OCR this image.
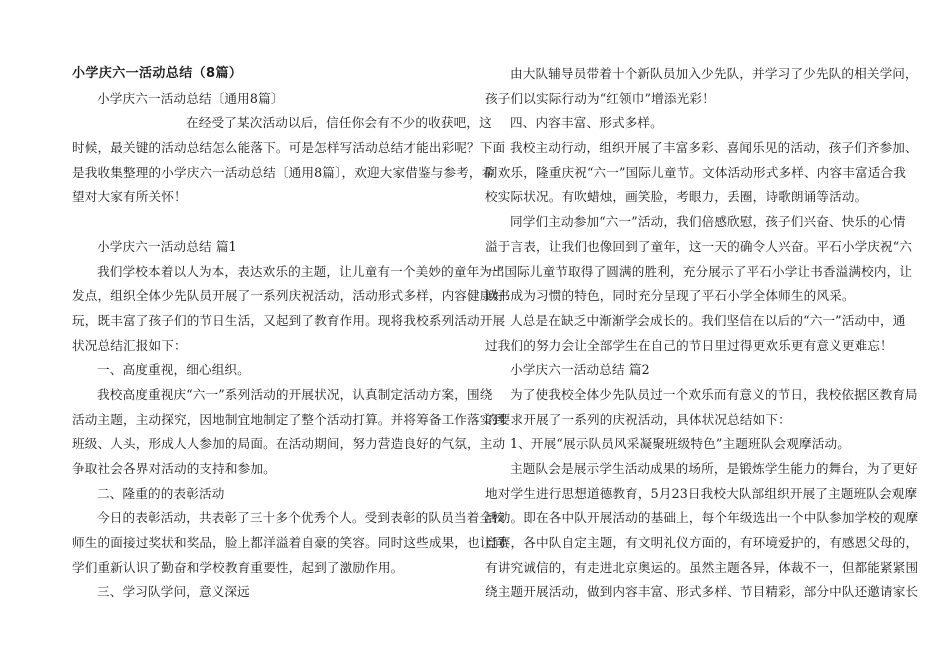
小学庆六一活动总结（8篇）
小学庆六一活动总结〔通用8篇〕
在经受了某次活动以后，信任你会有不少的收获吧，这
时候，最关键的活动总结怎么能落下。可是怎样写活动总结才能出彩呢？下面
是我收集整理的小学庆六一活动总结〔通用8篇〕，欢迎大家借鉴与参考，希
望对大家有所关怀！
小学庆六一活动总结 篇1
我们学校本着以人为本，表达欢乐的主题，让儿童有一个美妙的童年为出
发点，组织全体少先队员开展了一系列庆祝活动，活动形式多样，内容健康好
玩，既丰富了孩子们的节日生活，又起到了教育作用。现将我校系列活动开展
状况总结汇报如下：
一、高度重视，细心组织。
我校高度重视庆“六一”系列活动的开展状况，认真制定活动方案，围绕
活动主题，主动探究，因地制宜地制定了整个活动打算。并将筹备工作落实到
班级、人头，形成人人参加的局面。在活动期间，努力营造良好的气氛，主动
争取社会各界对活动的支持和参加。
二、隆重的的表彰活动
今日的表彰活动，共表彰了三十多个优秀个人。受到表彰的队员当着全校
师生的面接过奖状和奖品，脸上都洋溢着自豪的笑容。同时这些成果，也让同
学们重新认识了勤奋和学校教育重要性，起到了激励作用。
三、学习队学问，意义深远
由大队辅导员带着十个新队员加入少先队，并学习了少先队的相关学问，
孩子们以实际行动为“红领巾”增添光彩！
四、内容丰富、形式多样。
我校主动行动，组织开展了丰富多彩、喜闻乐见的活动，孩子们齐参加、
同欢乐，隆重庆祝“六一”国际儿童节。文体活动形式多样、内容丰富适合我
校实际状况。有吹蜡烛，画笑脸，考眼力，丢圈，诗歌朗诵等活动。
同学们主动参加“六一”活动，我们倍感欣慰，孩子们兴奋、快乐的心情
溢于言表，让我们也像回到了童年，这一天的确令人兴奋。平石小学庆祝“六
一”国际儿童节取得了圆满的胜利，充分展示了平石小学让书香溢满校内，让
读书成为习惯的特色，同时充分呈现了平石小学全体师生的风采。
人总是在缺乏中渐渐学会成长的。我们坚信在以后的“六一”活动中，通
过我们的努力会让全部学生在自己的节日里过得更欢乐更有意义更难忘！
小学庆六一活动总结 篇2
为了使我校全体少先队员过一个欢乐而有意义的节日，我校依据区教育局
的要求开展了一系列的庆祝活动，具体状况总结如下：
1、开展“展示队员风采凝聚班级特色”主题班队会观摩活动。
主题队会是展示学生活动成果的场所，是锻炼学生能力的舞台，为了更好
地对学生进行思想道德教育，5月23日我校大队部组织开展了主题班队会观摩
活动。即在各中队开展活动的基础上，每个年级选出一个中队参加学校的观摩
竞赛，各中队自定主题，有文明礼仪方面的，有环境爱护的，有感恩父母的，
有讲究诚信的，有走进北京奥运的。虽然主题各异，体裁不一，但都能紧紧围
绕主题开展活动，做到内容丰富、形式多样、节目精彩，部分中队还邀请家长
